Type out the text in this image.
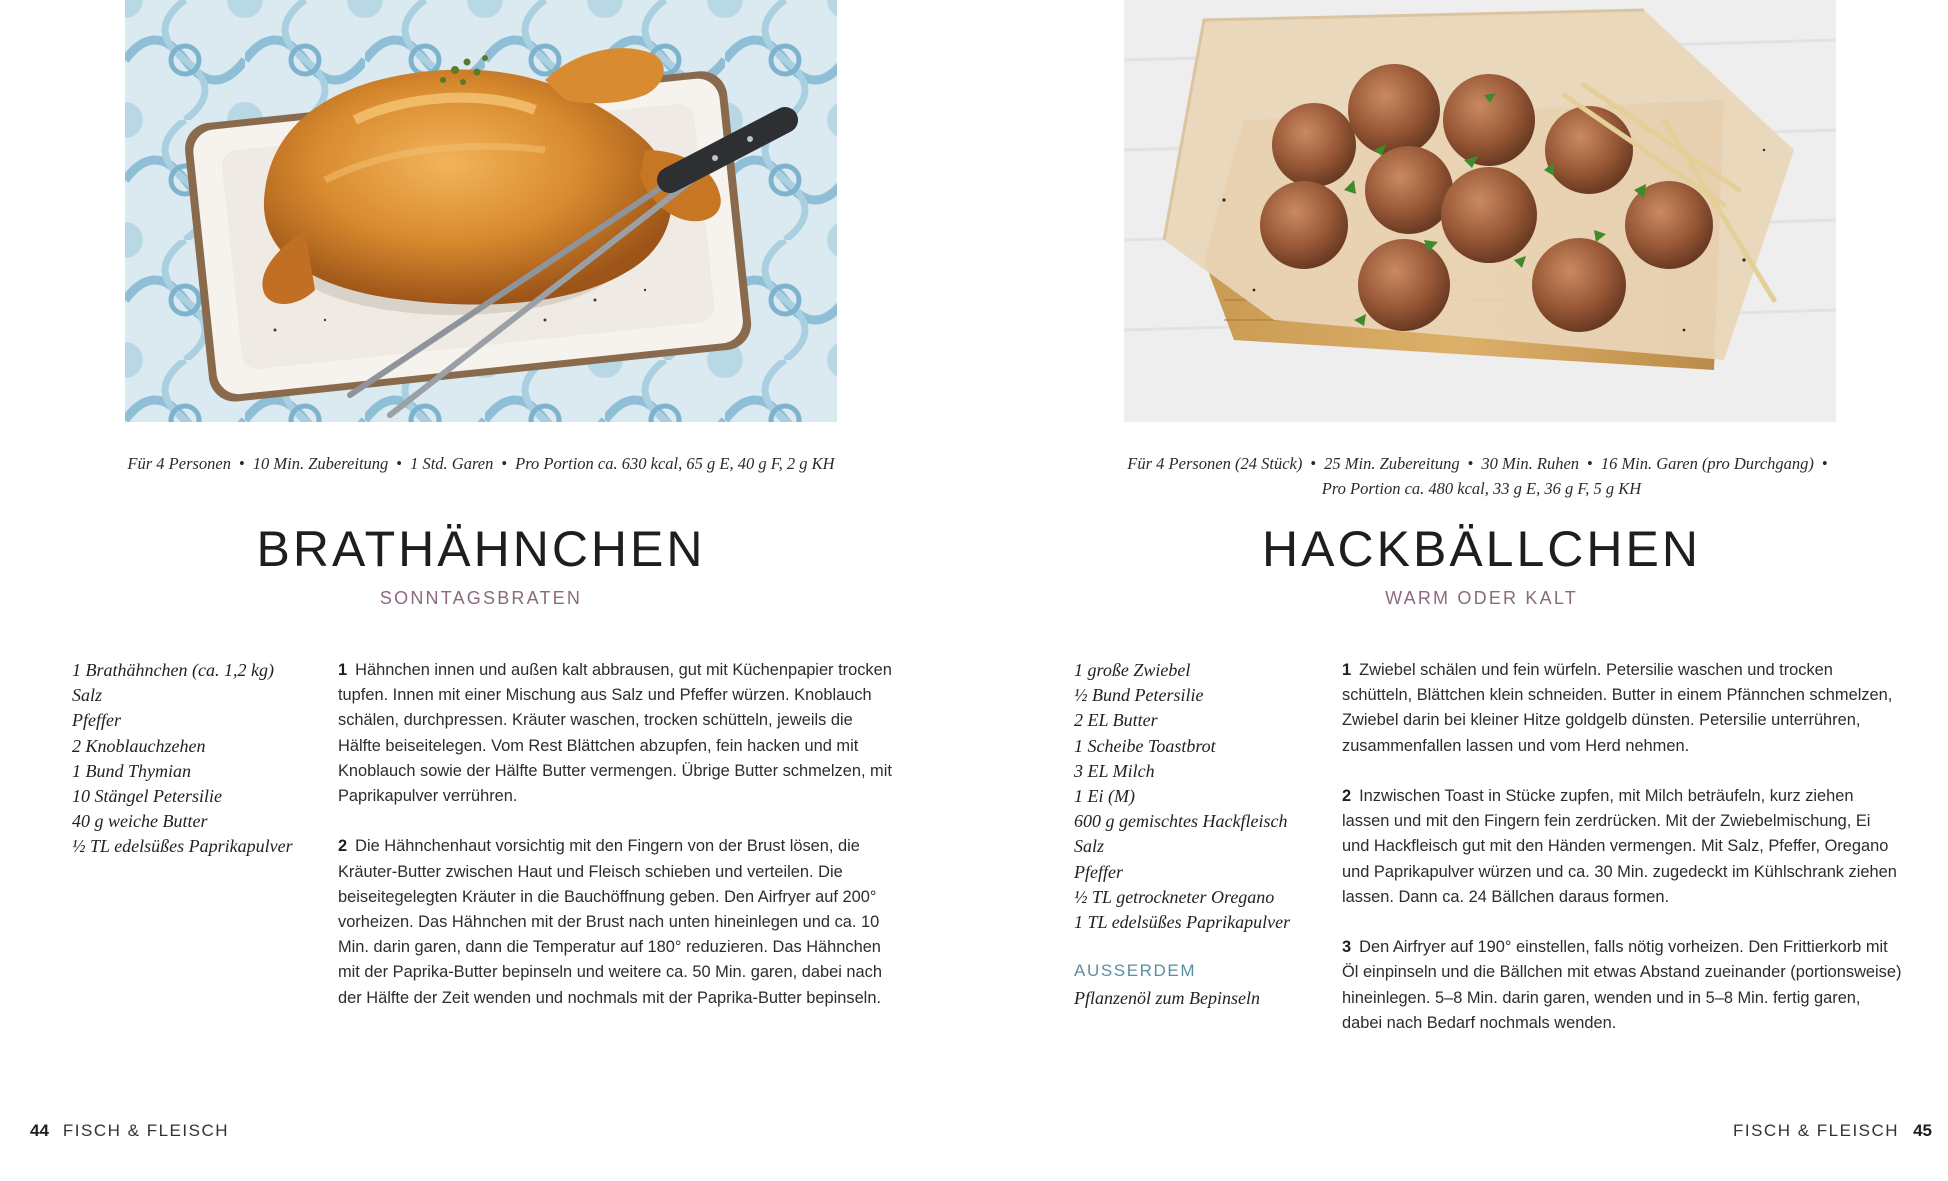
Für 4 Personen • 10 Min. Zubereitung • 1 Std. Garen • Pro Portion ca. 630 kcal, 65 g E, 40 g F, 2 g KH
BRATHÄHNCHEN
SONNTAGSBRATEN
1 Brathähnchen (ca. 1,2 kg)
Salz
Pfeffer
2 Knoblauchzehen
1 Bund Thymian
10 Stängel Petersilie
40 g weiche Butter
½ TL edelsüßes Paprikapulver

1 Hähnchen innen und außen kalt abbrausen, gut mit Küchenpapier trocken tupfen. Innen mit einer Mischung aus Salz und Pfeffer würzen. Knoblauch schälen, durchpressen. Kräuter waschen, trocken schütteln, jeweils die Hälfte beiseitelegen. Vom Rest Blättchen abzupfen, fein hacken und mit Knoblauch sowie der Hälfte Butter vermengen. Übrige Butter schmelzen, mit Paprikapulver verrühren.

2 Die Hähnchenhaut vorsichtig mit den Fingern von der Brust lösen, die Kräuter-Butter zwischen Haut und Fleisch schieben und verteilen. Die beiseitegelegten Kräuter in die Bauchöffnung geben. Den Airfryer auf 200° vorheizen. Das Hähnchen mit der Brust nach unten hineinlegen und ca. 10 Min. darin garen, dann die Temperatur auf 180° reduzieren. Das Hähnchen mit der Paprika-Butter bepinseln und weitere ca. 50 Min. garen, dabei nach der Hälfte der Zeit wenden und nochmals mit der Paprika-Butter bepinseln.

44 FISCH & FLEISCH
Für 4 Personen (24 Stück) • 25 Min. Zubereitung • 30 Min. Ruhen • 16 Min. Garen (pro Durchgang) •
Pro Portion ca. 480 kcal, 33 g E, 36 g F, 5 g KH
HACKBÄLLCHEN
WARM ODER KALT
1 große Zwiebel
½ Bund Petersilie
2 EL Butter
1 Scheibe Toastbrot
3 EL Milch
1 Ei (M)
600 g gemischtes Hackfleisch
Salz
Pfeffer
½ TL getrockneter Oregano
1 TL edelsüßes Paprikapulver
AUSSERDEM
Pflanzenöl zum Bepinseln

1 Zwiebel schälen und fein würfeln. Petersilie waschen und trocken schütteln, Blättchen klein schneiden. Butter in einem Pfännchen schmelzen, Zwiebel darin bei kleiner Hitze goldgelb dünsten. Petersilie unterrühren, zusammenfallen lassen und vom Herd nehmen.

2 Inzwischen Toast in Stücke zupfen, mit Milch beträufeln, kurz ziehen lassen und mit den Fingern fein zerdrücken. Mit der Zwiebelmischung, Ei und Hackfleisch gut mit den Händen vermengen. Mit Salz, Pfeffer, Oregano und Paprikapulver würzen und ca. 30 Min. zugedeckt im Kühlschrank ziehen lassen. Dann ca. 24 Bällchen daraus formen.

3 Den Airfryer auf 190° einstellen, falls nötig vorheizen. Den Frittierkorb mit Öl einpinseln und die Bällchen mit etwas Abstand zueinander (portionsweise) hineinlegen. 5–8 Min. darin garen, wenden und in 5–8 Min. fertig garen, dabei nach Bedarf nochmals wenden.

FISCH & FLEISCH 45
